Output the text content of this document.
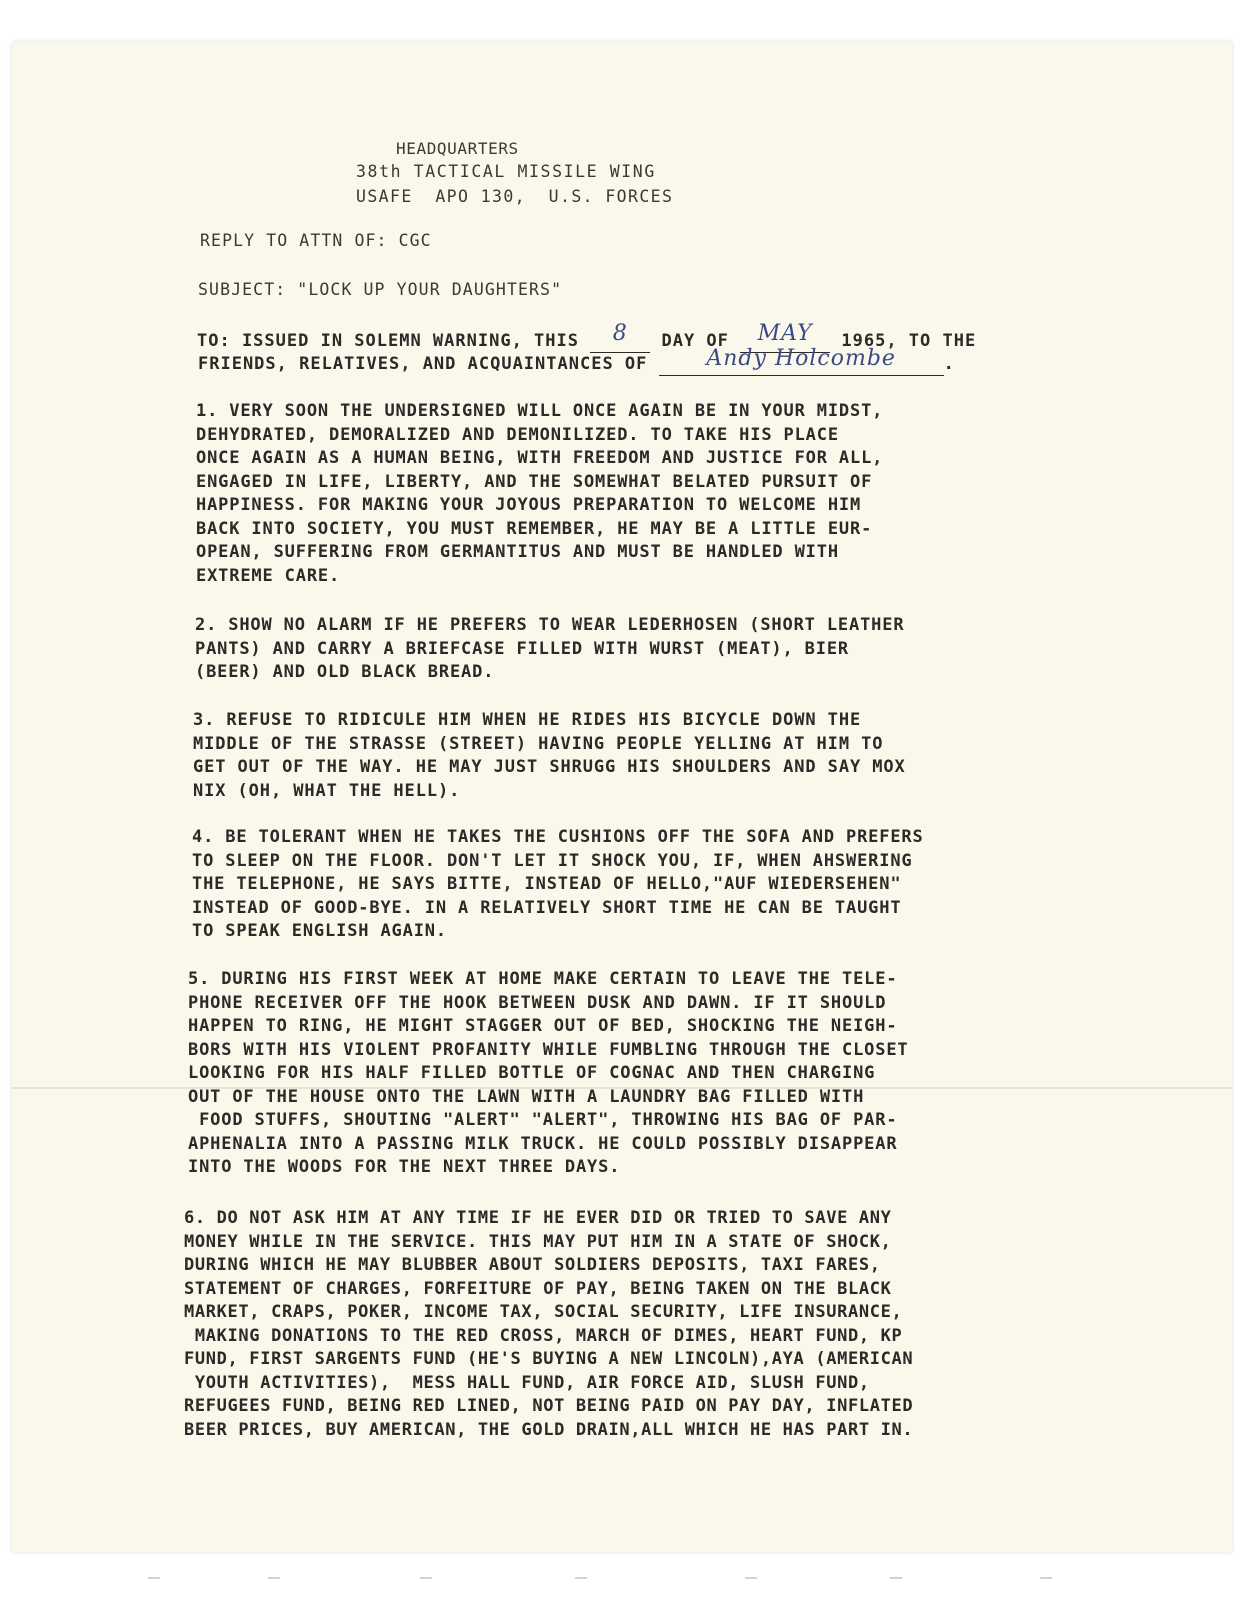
HEADQUARTERS
38th TACTICAL MISSILE WING
USAFE  APO 130,  U.S. FORCES
REPLY TO ATTN OF: CGC
SUBJECT: "LOCK UP YOUR DAUGHTERS"
TO: ISSUED IN SOLEMN WARNING, THIS 8 DAY OF MAY 1965, TO THE
FRIENDS, RELATIVES, AND ACQUAINTANCES OF Andy Holcombe	.
1. VERY SOON THE UNDERSIGNED WILL ONCE AGAIN BE IN YOUR MIDST,
DEHYDRATED, DEMORALIZED AND DEMONILIZED. TO TAKE HIS PLACE
ONCE AGAIN AS A HUMAN BEING, WITH FREEDOM AND JUSTICE FOR ALL,
ENGAGED IN LIFE, LIBERTY, AND THE SOMEWHAT BELATED PURSUIT OF
HAPPINESS. FOR MAKING YOUR JOYOUS PREPARATION TO WELCOME HIM
BACK INTO SOCIETY, YOU MUST REMEMBER, HE MAY BE A LITTLE EUR-
OPEAN, SUFFERING FROM GERMANTITUS AND MUST BE HANDLED WITH
EXTREME CARE.
2. SHOW NO ALARM IF HE PREFERS TO WEAR LEDERHOSEN (SHORT LEATHER
PANTS) AND CARRY A BRIEFCASE FILLED WITH WURST (MEAT), BIER
(BEER) AND OLD BLACK BREAD.
3. REFUSE TO RIDICULE HIM WHEN HE RIDES HIS BICYCLE DOWN THE
MIDDLE OF THE STRASSE (STREET) HAVING PEOPLE YELLING AT HIM TO
GET OUT OF THE WAY. HE MAY JUST SHRUGG HIS SHOULDERS AND SAY MOX
NIX (OH, WHAT THE HELL).
4. BE TOLERANT WHEN HE TAKES THE CUSHIONS OFF THE SOFA AND PREFERS
TO SLEEP ON THE FLOOR. DON'T LET IT SHOCK YOU, IF, WHEN AHSWERING
THE TELEPHONE, HE SAYS BITTE, INSTEAD OF HELLO,"AUF WIEDERSEHEN"
INSTEAD OF GOOD-BYE. IN A RELATIVELY SHORT TIME HE CAN BE TAUGHT
TO SPEAK ENGLISH AGAIN.
5. DURING HIS FIRST WEEK AT HOME MAKE CERTAIN TO LEAVE THE TELE-
PHONE RECEIVER OFF THE HOOK BETWEEN DUSK AND DAWN. IF IT SHOULD
HAPPEN TO RING, HE MIGHT STAGGER OUT OF BED, SHOCKING THE NEIGH-
BORS WITH HIS VIOLENT PROFANITY WHILE FUMBLING THROUGH THE CLOSET
LOOKING FOR HIS HALF FILLED BOTTLE OF COGNAC AND THEN CHARGING
OUT OF THE HOUSE ONTO THE LAWN WITH A LAUNDRY BAG FILLED WITH
FOOD STUFFS, SHOUTING "ALERT" "ALERT", THROWING HIS BAG OF PAR-
APHENALIA INTO A PASSING MILK TRUCK. HE COULD POSSIBLY DISAPPEAR
INTO THE WOODS FOR THE NEXT THREE DAYS.
6. DO NOT ASK HIM AT ANY TIME IF HE EVER DID OR TRIED TO SAVE ANY
MONEY WHILE IN THE SERVICE. THIS MAY PUT HIM IN A STATE OF SHOCK,
DURING WHICH HE MAY BLUBBER ABOUT SOLDIERS DEPOSITS, TAXI FARES,
STATEMENT OF CHARGES, FORFEITURE OF PAY, BEING TAKEN ON THE BLACK
MARKET, CRAPS, POKER, INCOME TAX, SOCIAL SECURITY, LIFE INSURANCE,
MAKING DONATIONS TO THE RED CROSS, MARCH OF DIMES, HEART FUND, KP
FUND, FIRST SARGENTS FUND (HE'S BUYING A NEW LINCOLN),AYA (AMERICAN
YOUTH ACTIVITIES),  MESS HALL FUND, AIR FORCE AID, SLUSH FUND,
REFUGEES FUND, BEING RED LINED, NOT BEING PAID ON PAY DAY, INFLATED
BEER PRICES, BUY AMERICAN, THE GOLD DRAIN,ALL WHICH HE HAS PART IN.
